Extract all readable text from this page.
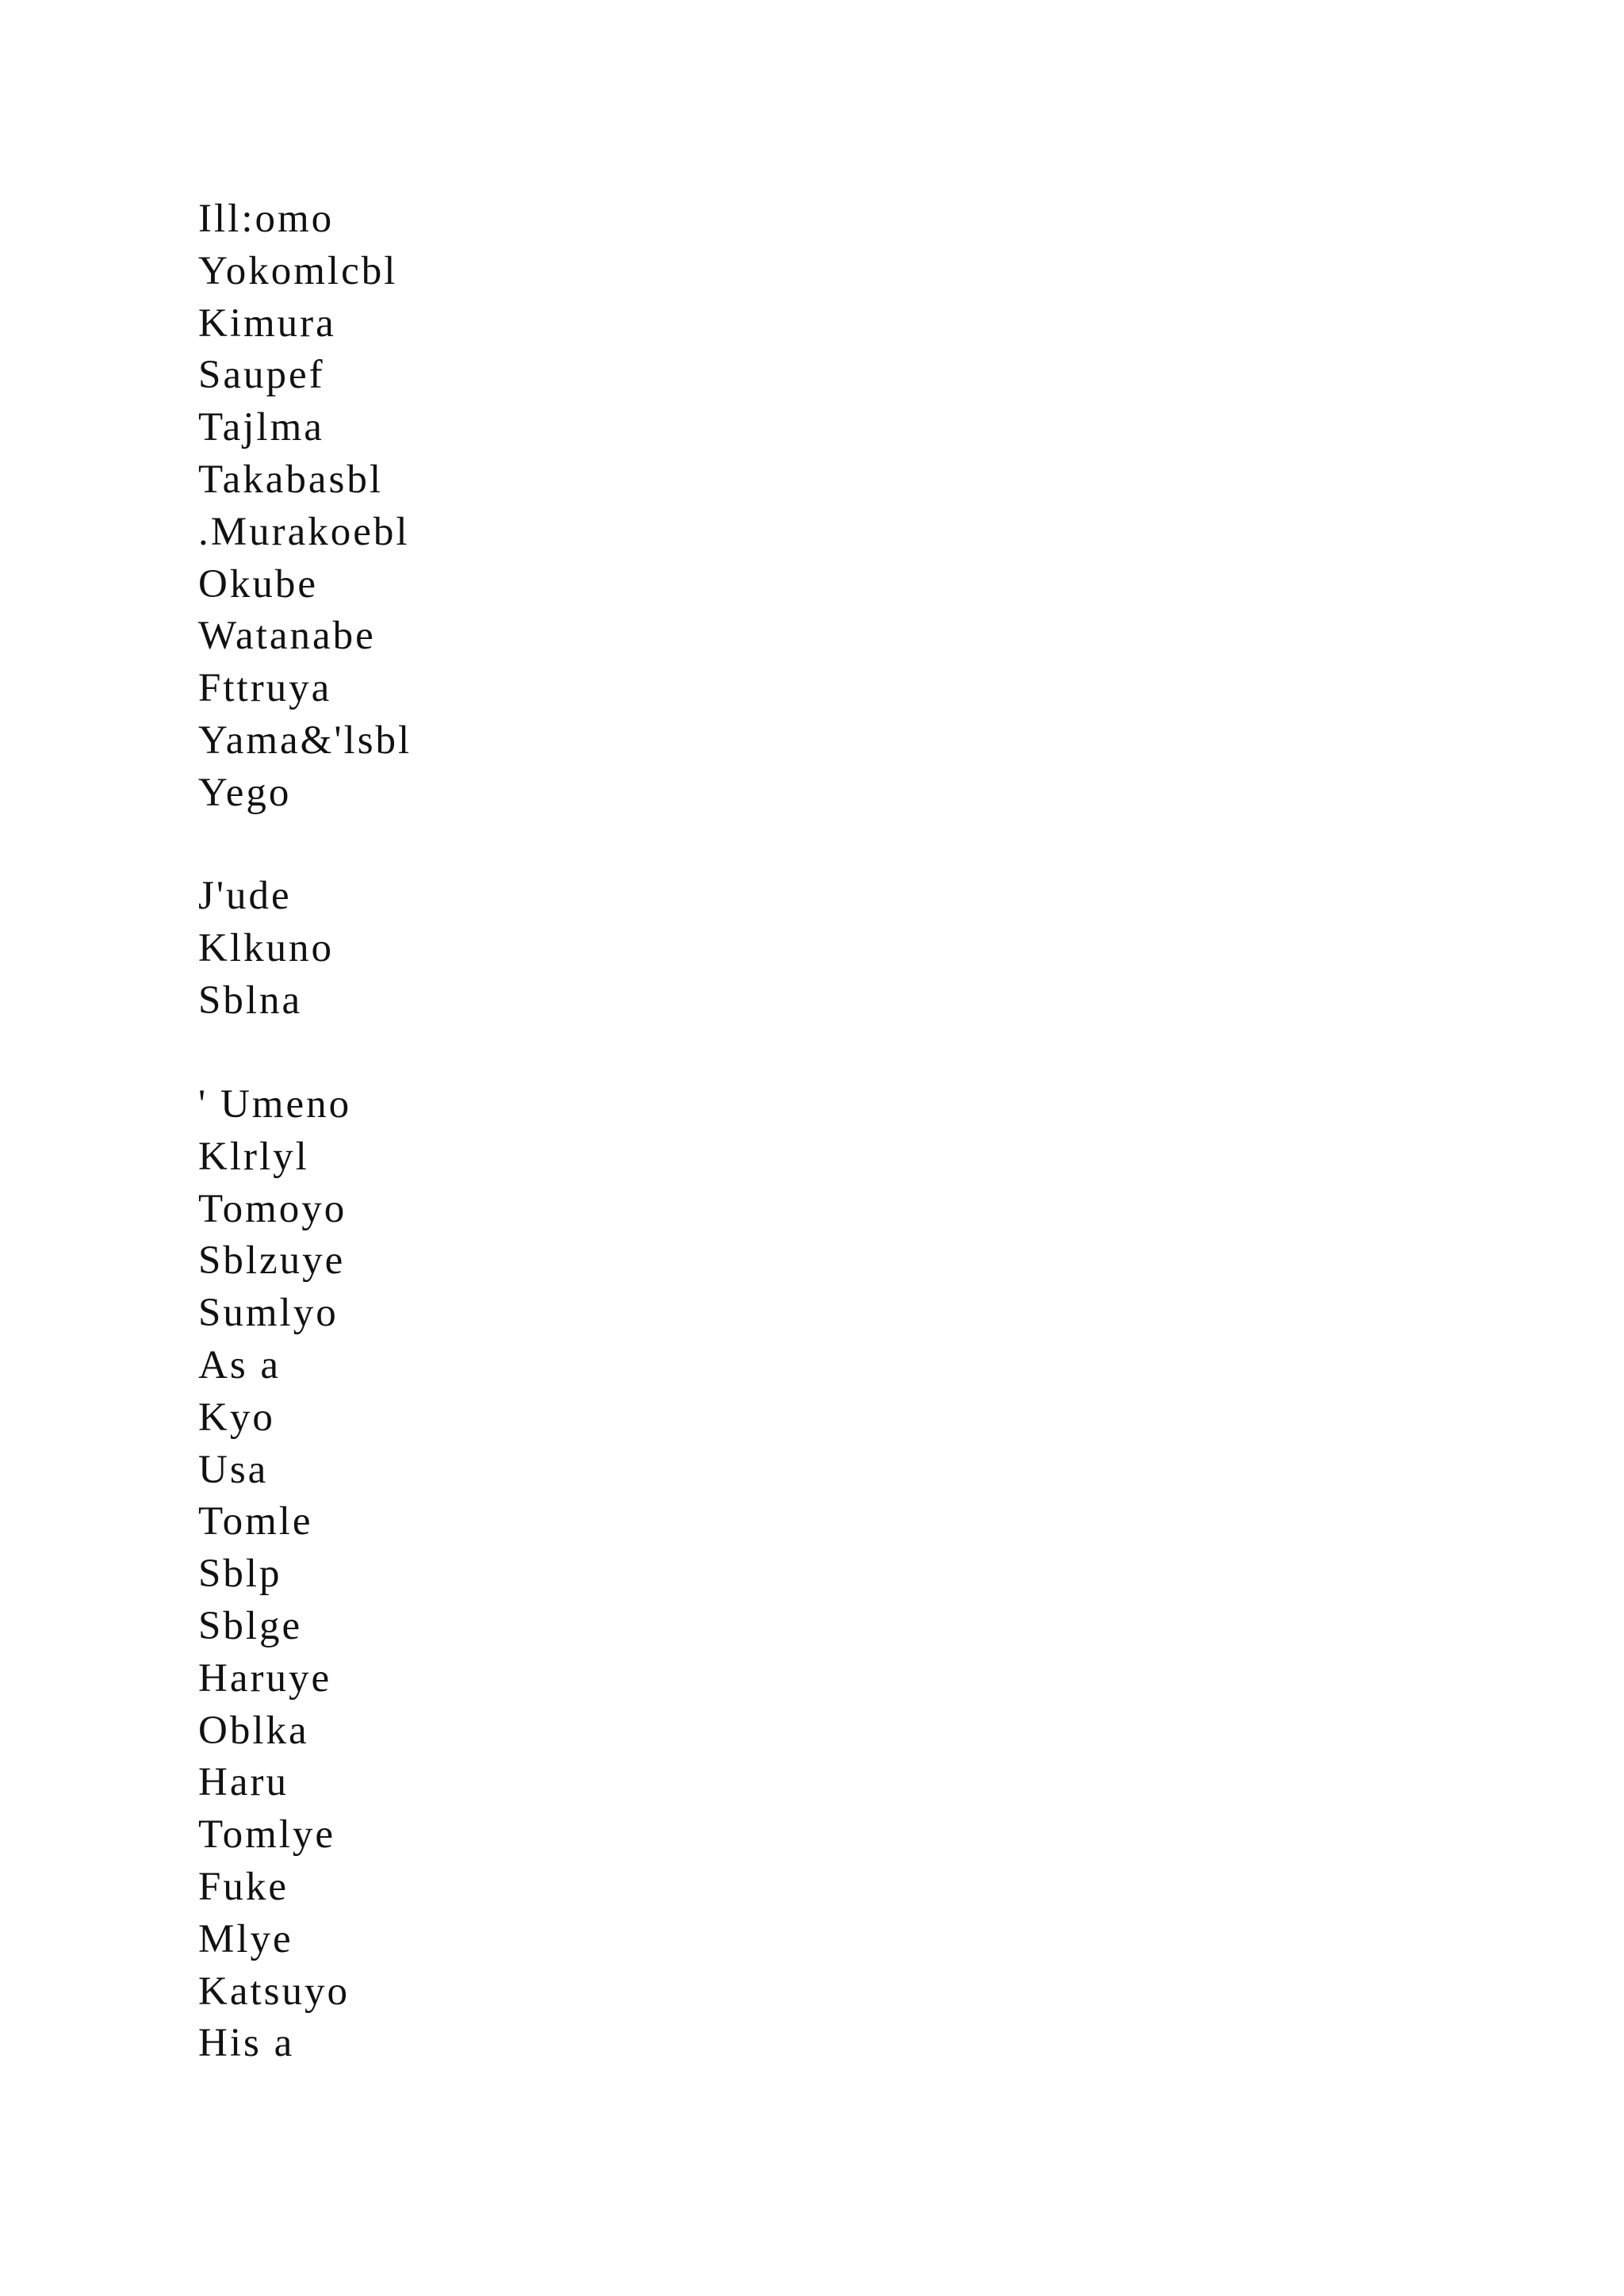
Ill:omo
Yokomlcbl
Kimura
Saupef
Tajlma
Takabasbl
.Murakoebl
Okube
Watanabe
Fttruya
Yama&'lsbl
Yego
J'ude
Klkuno
Sblna
' Umeno
Klrlyl
Tomoyo
Sblzuye
Sumlyo
As a
Kyo
Usa
Tomle
Sblp
Sblge
Haruye
Oblka
Haru
Tomlye
Fuke
Mlye
Katsuyo
His a
